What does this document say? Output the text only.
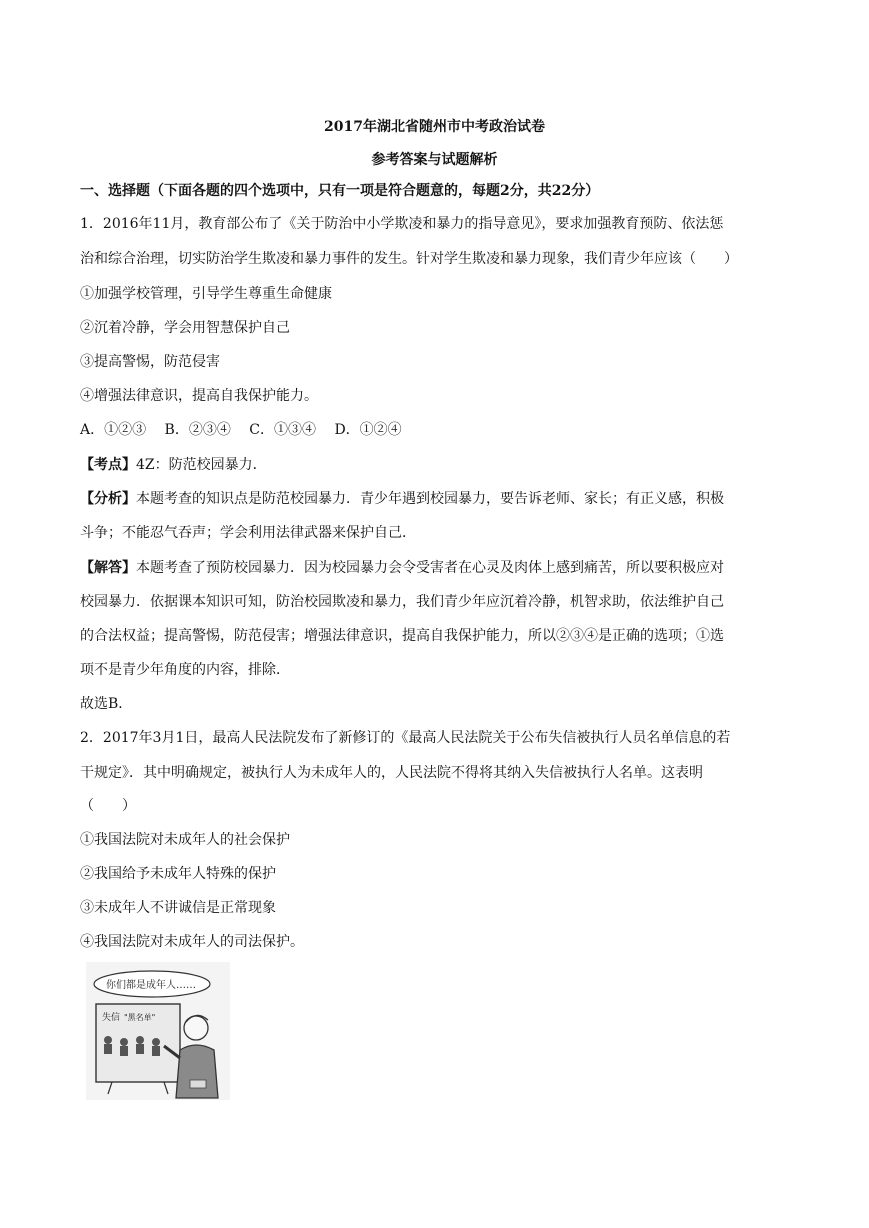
2017年湖北省随州市中考政治试卷
参考答案与试题解析
一、选择题（下面各题的四个选项中，只有一项是符合题意的，每题2分，共22分）
1．2016年11月，教育部公布了《关于防治中小学欺凌和暴力的指导意见》，要求加强教育预防、依法惩
治和综合治理，切实防治学生欺凌和暴力事件的发生。针对学生欺凌和暴力现象，我们青少年应该（　　）
①加强学校管理，引导学生尊重生命健康
②沉着冷静，学会用智慧保护自己
③提高警惕，防范侵害
④增强法律意识，提高自我保护能力。
A．①②③　 B．②③④　 C．①③④　 D．①②④
【考点】4Z：防范校园暴力．
【分析】本题考查的知识点是防范校园暴力．青少年遇到校园暴力，要告诉老师、家长；有正义感，积极
斗争；不能忍气吞声；学会利用法律武器来保护自己．
【解答】本题考查了预防校园暴力．因为校园暴力会令受害者在心灵及肉体上感到痛苦，所以要积极应对
校园暴力．依据课本知识可知，防治校园欺凌和暴力，我们青少年应沉着冷静，机智求助，依法维护自己
的合法权益；提高警惕，防范侵害；增强法律意识，提高自我保护能力，所以②③④是正确的选项；①选
项不是青少年角度的内容，排除．
故选B．
2．2017年3月1日，最高人民法院发布了新修订的《最高人民法院关于公布失信被执行人员名单信息的若
干规定》．其中明确规定，被执行人为未成年人的，人民法院不得将其纳入失信被执行人名单。这表明
（　　）
①我国法院对未成年人的社会保护
②我国给予未成年人特殊的保护
③未成年人不讲诚信是正常现象
④我国法院对未成年人的司法保护。
你们都是成年人……
失信 "黑名单"
